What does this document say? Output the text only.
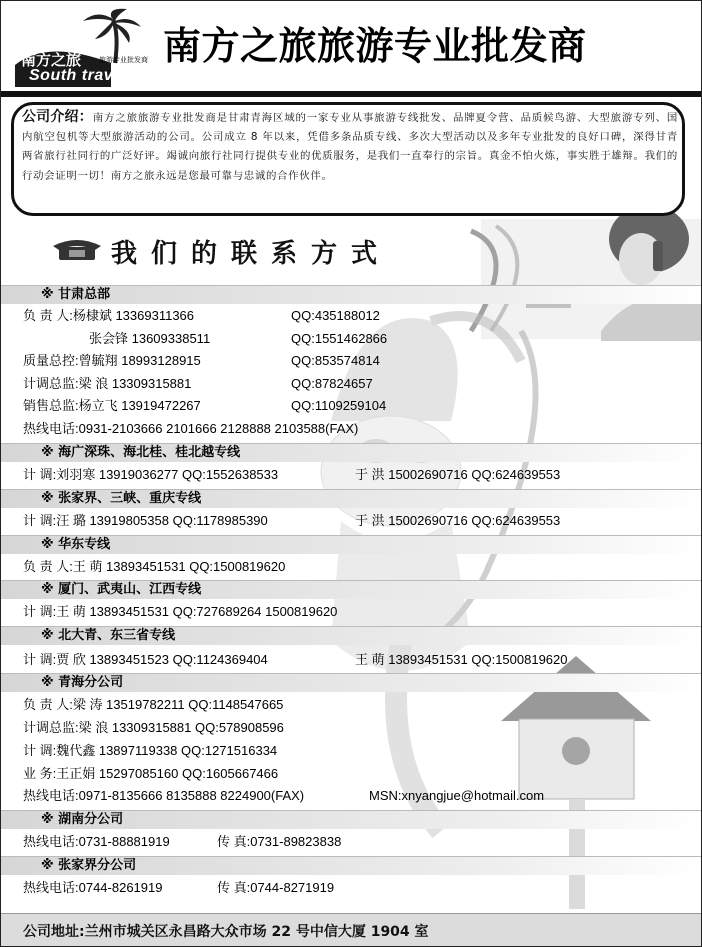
南方之旅	旅游专业批发商
South travel
南方之旅旅游专业批发商
公司介绍：南方之旅旅游专业批发商是甘肃青海区域的一家专业从事旅游专线批发、品牌夏令营、品质候鸟游、大型旅游专列、国内航空包机等大型旅游活动的公司。公司成立 8 年以来，凭借多条品质专线、多次大型活动以及多年专业批发的良好口碑，深得甘青两省旅行社同行的广泛好评。竭诚向旅行社同行提供专业的优质服务，是我们一直奉行的宗旨。真金不怕火炼，事实胜于雄辩。我们的行动会证明一切！南方之旅永远是您最可靠与忠诚的合作伙伴。
我们的联系方式
※ 甘肃总部
负 责 人:杨棣斌 13369311366	QQ:435188012
张会锋 13609338511	QQ:1551462866
质量总控:曾毓翔 18993128915	QQ:853574814
计调总监:梁 浪 13309315881	QQ:87824657
销售总监:杨立飞 13919472267	QQ:1109259104
热线电话:0931-2103666 2101666 2128888 2103588(FAX)
※ 海广深珠、海北桂、桂北越专线
计 调:刘羽寒 13919036277 QQ:1552638533	于 洪 15002690716 QQ:624639553
※ 张家界、三峡、重庆专线
计 调:汪 璐 13919805358 QQ:1178985390	于 洪 15002690716 QQ:624639553
※ 华东专线
负 责 人:王 萌 13893451531 QQ:1500819620
※ 厦门、武夷山、江西专线
计 调:王 萌 13893451531 QQ:727689264 1500819620
※ 北大青、东三省专线
计 调:贾 欣 13893451523 QQ:1124369404	王 萌 13893451531 QQ:1500819620
※ 青海分公司
负 责 人:梁 涛 13519782211 QQ:1148547665
计调总监:梁 浪 13309315881 QQ:578908596
计 调:魏代鑫 13897119338 QQ:1271516334
业 务:王正娟 15297085160 QQ:1605667466
热线电话:0971-8135666 8135888 8224900(FAX)	MSN:xnyangjue@hotmail.com
※ 湖南分公司
热线电话:0731-88881919	传 真:0731-89823838
※ 张家界分公司
热线电话:0744-8261919	传 真:0744-8271919
公司地址:兰州市城关区永昌路大众市场 22 号中信大厦 1904 室
